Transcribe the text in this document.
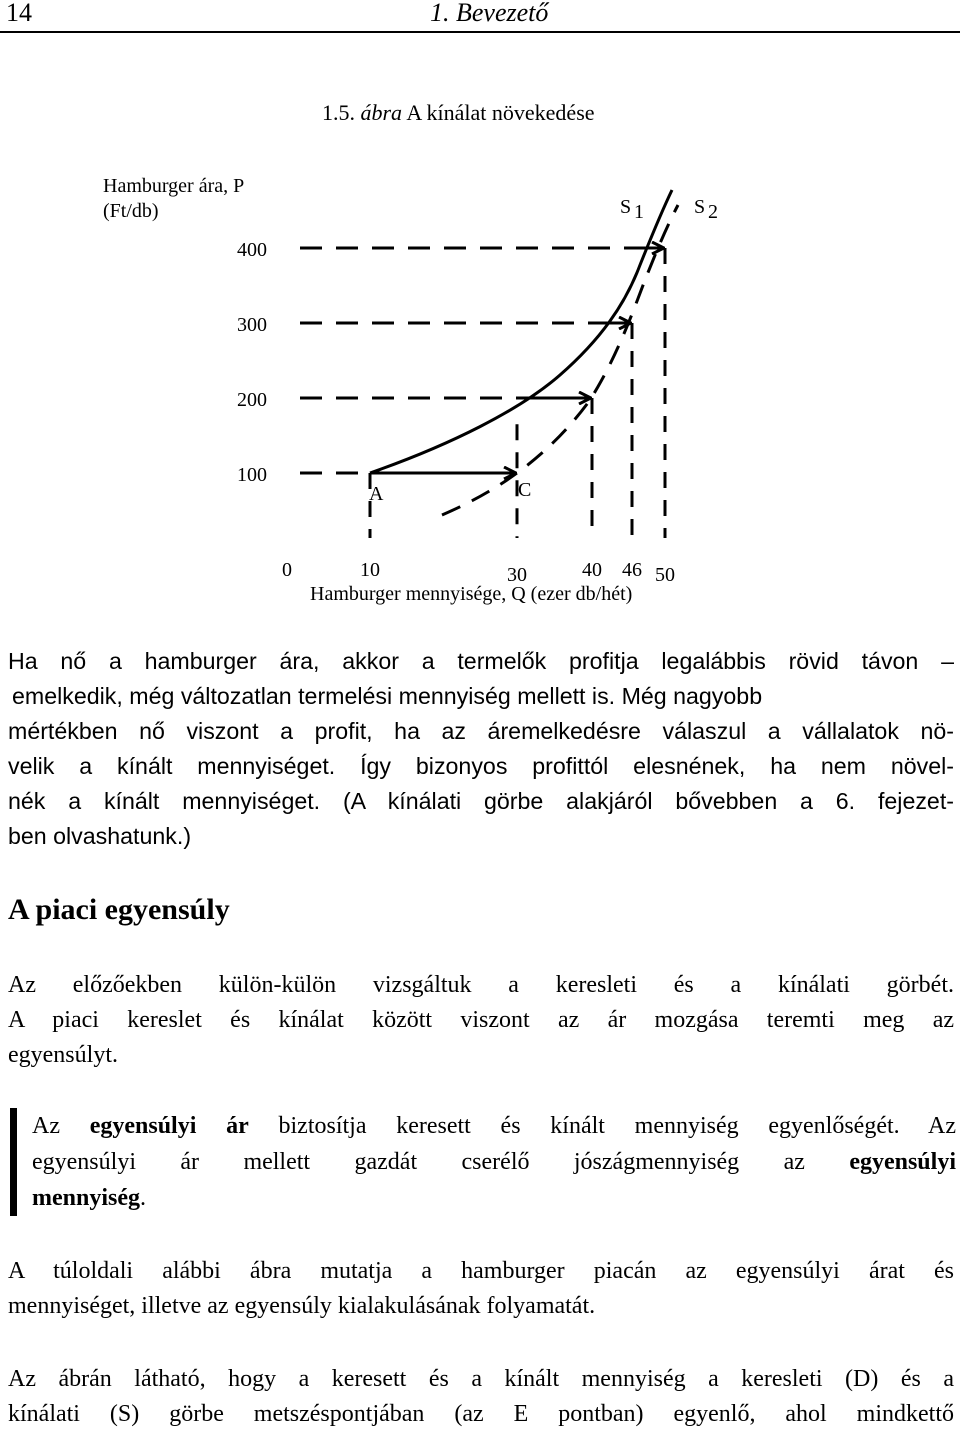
14	1. Bevezető
1.5. ábra A kínálat növekedése
Hamburger ára, P
(Ft/db)
Hamburger mennyisége, Q (ezer db/hét)
400
300
200
100
0	10	30	40 46 50
S 1	S 2
A	C
Ha nő a hamburger ára, akkor a termelők profitja legalábbis rövid távon –
emelkedik, még változatlan termelési mennyiség mellett is. Még nagyobb
mértékben nő viszont a profit, ha az áremelkedésre válaszul a vállalatok nö-
velik a kínált mennyiséget. Így bizonyos profittól elesnének, ha nem növel-
nék a kínált mennyiséget. (A kínálati görbe alakjáról bővebben a 6. fejezet-
ben olvashatunk.)
A piaci egyensúly
Az előzőekben külön-külön vizsgáltuk a keresleti és a kínálati görbét.
A piaci kereslet és kínálat között viszont az ár mozgása teremti meg az
egyensúlyt.
Az egyensúlyi ár biztosítja keresett és kínált mennyiség egyenlőségét. Az
egyensúlyi ár mellett gazdát cserélő jószágmennyiség az egyensúlyi
mennyiség.
A túloldali alábbi ábra mutatja a hamburger piacán az egyensúlyi árat és
mennyiséget, illetve az egyensúly kialakulásának folyamatát.
Az ábrán látható, hogy a keresett és a kínált mennyiség a keresleti (D) és a
kínálati (S) görbe metszéspontjában (az E pontban) egyenlő, ahol mindkettő
